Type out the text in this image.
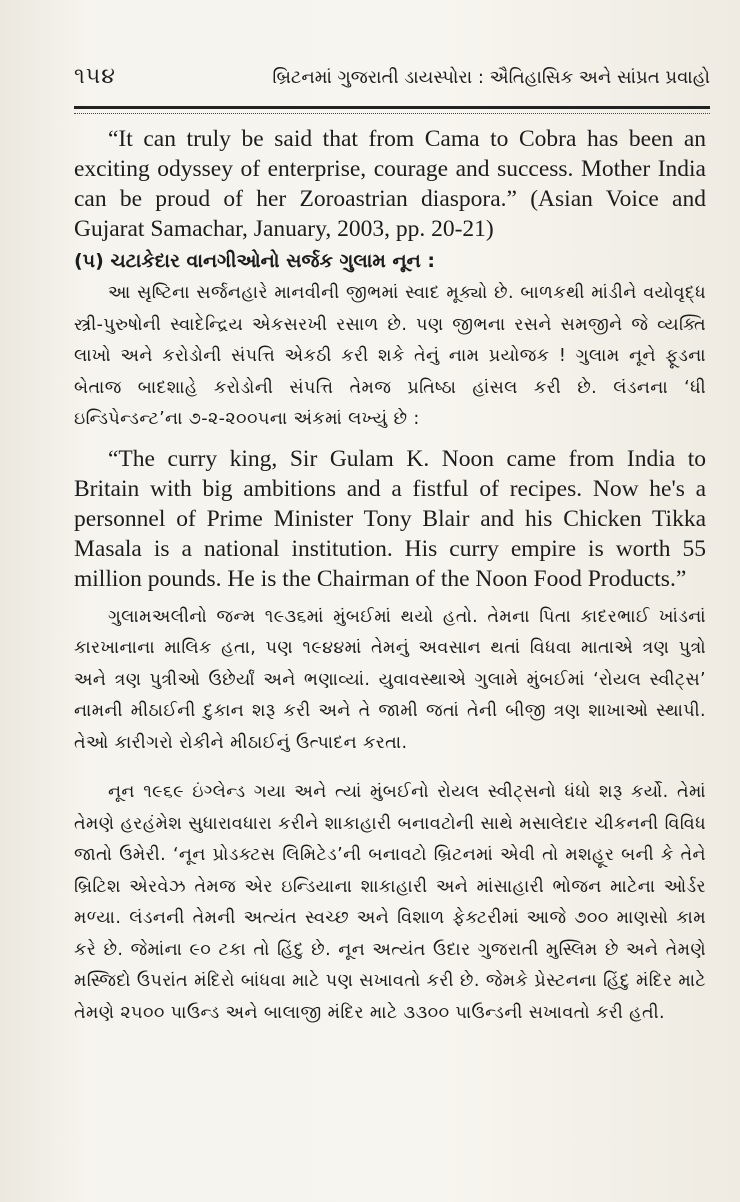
૧૫૪	બ્રિટનમાં ગુજરાતી ડાયસ્પોરા : ઐતિહાસિક અને સાંપ્રત પ્રવાહો

“It can truly be said that from Cama to Cobra has been an exciting odyssey of enterprise, courage and success. Mother India can be proud of her Zoroastrian diaspora.” (Asian Voice and Gujarat Samachar, January, 2003, pp. 20-21)

(૫) ચટાકેદાર વાનગીઓનો સર્જક ગુલામ નૂન :

આ સૃષ્ટિના સર્જનહારે માનવીની જીભમાં સ્વાદ મૂક્યો છે. બાળકથી માંડીને વયોવૃદ્ધ સ્ત્રી-પુરુષોની સ્વાદેન્દ્રિય એકસરખી રસાળ છે. પણ જીભના રસને સમજીને જે વ્યક્તિ લાખો અને કરોડોની સંપત્તિ એકઠી કરી શકે તેનું નામ પ્રયોજક ! ગુલામ નૂને ફૂડના બેતાજ બાદશાહે કરોડોની સંપત્તિ તેમજ પ્રતિષ્ઠા હાંસલ કરી છે. લંડનના ‘ધી ઇન્ડિપેન્ડન્ટ’ના ૭-૨-૨૦૦૫ના અંકમાં લખ્યું છે :

“The curry king, Sir Gulam K. Noon came from India to Britain with big ambitions and a fistful of recipes. Now he's a personnel of Prime Minister Tony Blair and his Chicken Tikka Masala is a national institution. His curry empire is worth 55 million pounds. He is the Chairman of the Noon Food Products.”

ગુલામઅલીનો જન્મ ૧૯૩૬માં મુંબઈમાં થયો હતો. તેમના પિતા કાદરભાઈ ખાંડનાં કારખાનાના માલિક હતા, પણ ૧૯૪૪માં તેમનું અવસાન થતાં વિધવા માતાએ ત્રણ પુત્રો અને ત્રણ પુત્રીઓ ઉછેર્યાં અને ભણાવ્યાં. યુવાવસ્થાએ ગુલામે મુંબઈમાં ‘રોયલ સ્વીટ્સ’ નામની મીઠાઈની દુકાન શરૂ કરી અને તે જામી જતાં તેની બીજી ત્રણ શાખાઓ સ્થાપી. તેઓ કારીગરો રોકીને મીઠાઈનું ઉત્પાદન કરતા.

નૂન ૧૯૬૯ ઇંગ્લેન્ડ ગયા અને ત્યાં મુંબઈનો રોયલ સ્વીટ્સનો ધંધો શરૂ કર્યો. તેમાં તેમણે હરહંમેશ સુધારાવધારા કરીને શાકાહારી બનાવટોની સાથે મસાલેદાર ચીકનની વિવિધ જાતો ઉમેરી. ‘નૂન પ્રોડક્ટસ લિમિટેડ’ની બનાવટો બ્રિટનમાં એવી તો મશહૂર બની કે તેને બ્રિટિશ એરવેઝ તેમજ એર ઇન્ડિયાના શાકાહારી અને માંસાહારી ભોજન માટેના ઓર્ડર મળ્યા. લંડનની તેમની અત્યંત સ્વચ્છ અને વિશાળ ફેક્ટરીમાં આજે ૭૦૦ માણસો કામ કરે છે. જેમાંના ૯૦ ટકા તો હિંદુ છે. નૂન અત્યંત ઉદાર ગુજરાતી મુસ્લિમ છે અને તેમણે મસ્જિદો ઉપરાંત મંદિરો બાંધવા માટે પણ સખાવતો કરી છે. જેમકે પ્રેસ્ટનના હિંદુ મંદિર માટે તેમણે ૨૫૦૦ પાઉન્ડ અને બાલાજી મંદિર માટે ૩૩૦૦ પાઉન્ડની સખાવતો કરી હતી.
